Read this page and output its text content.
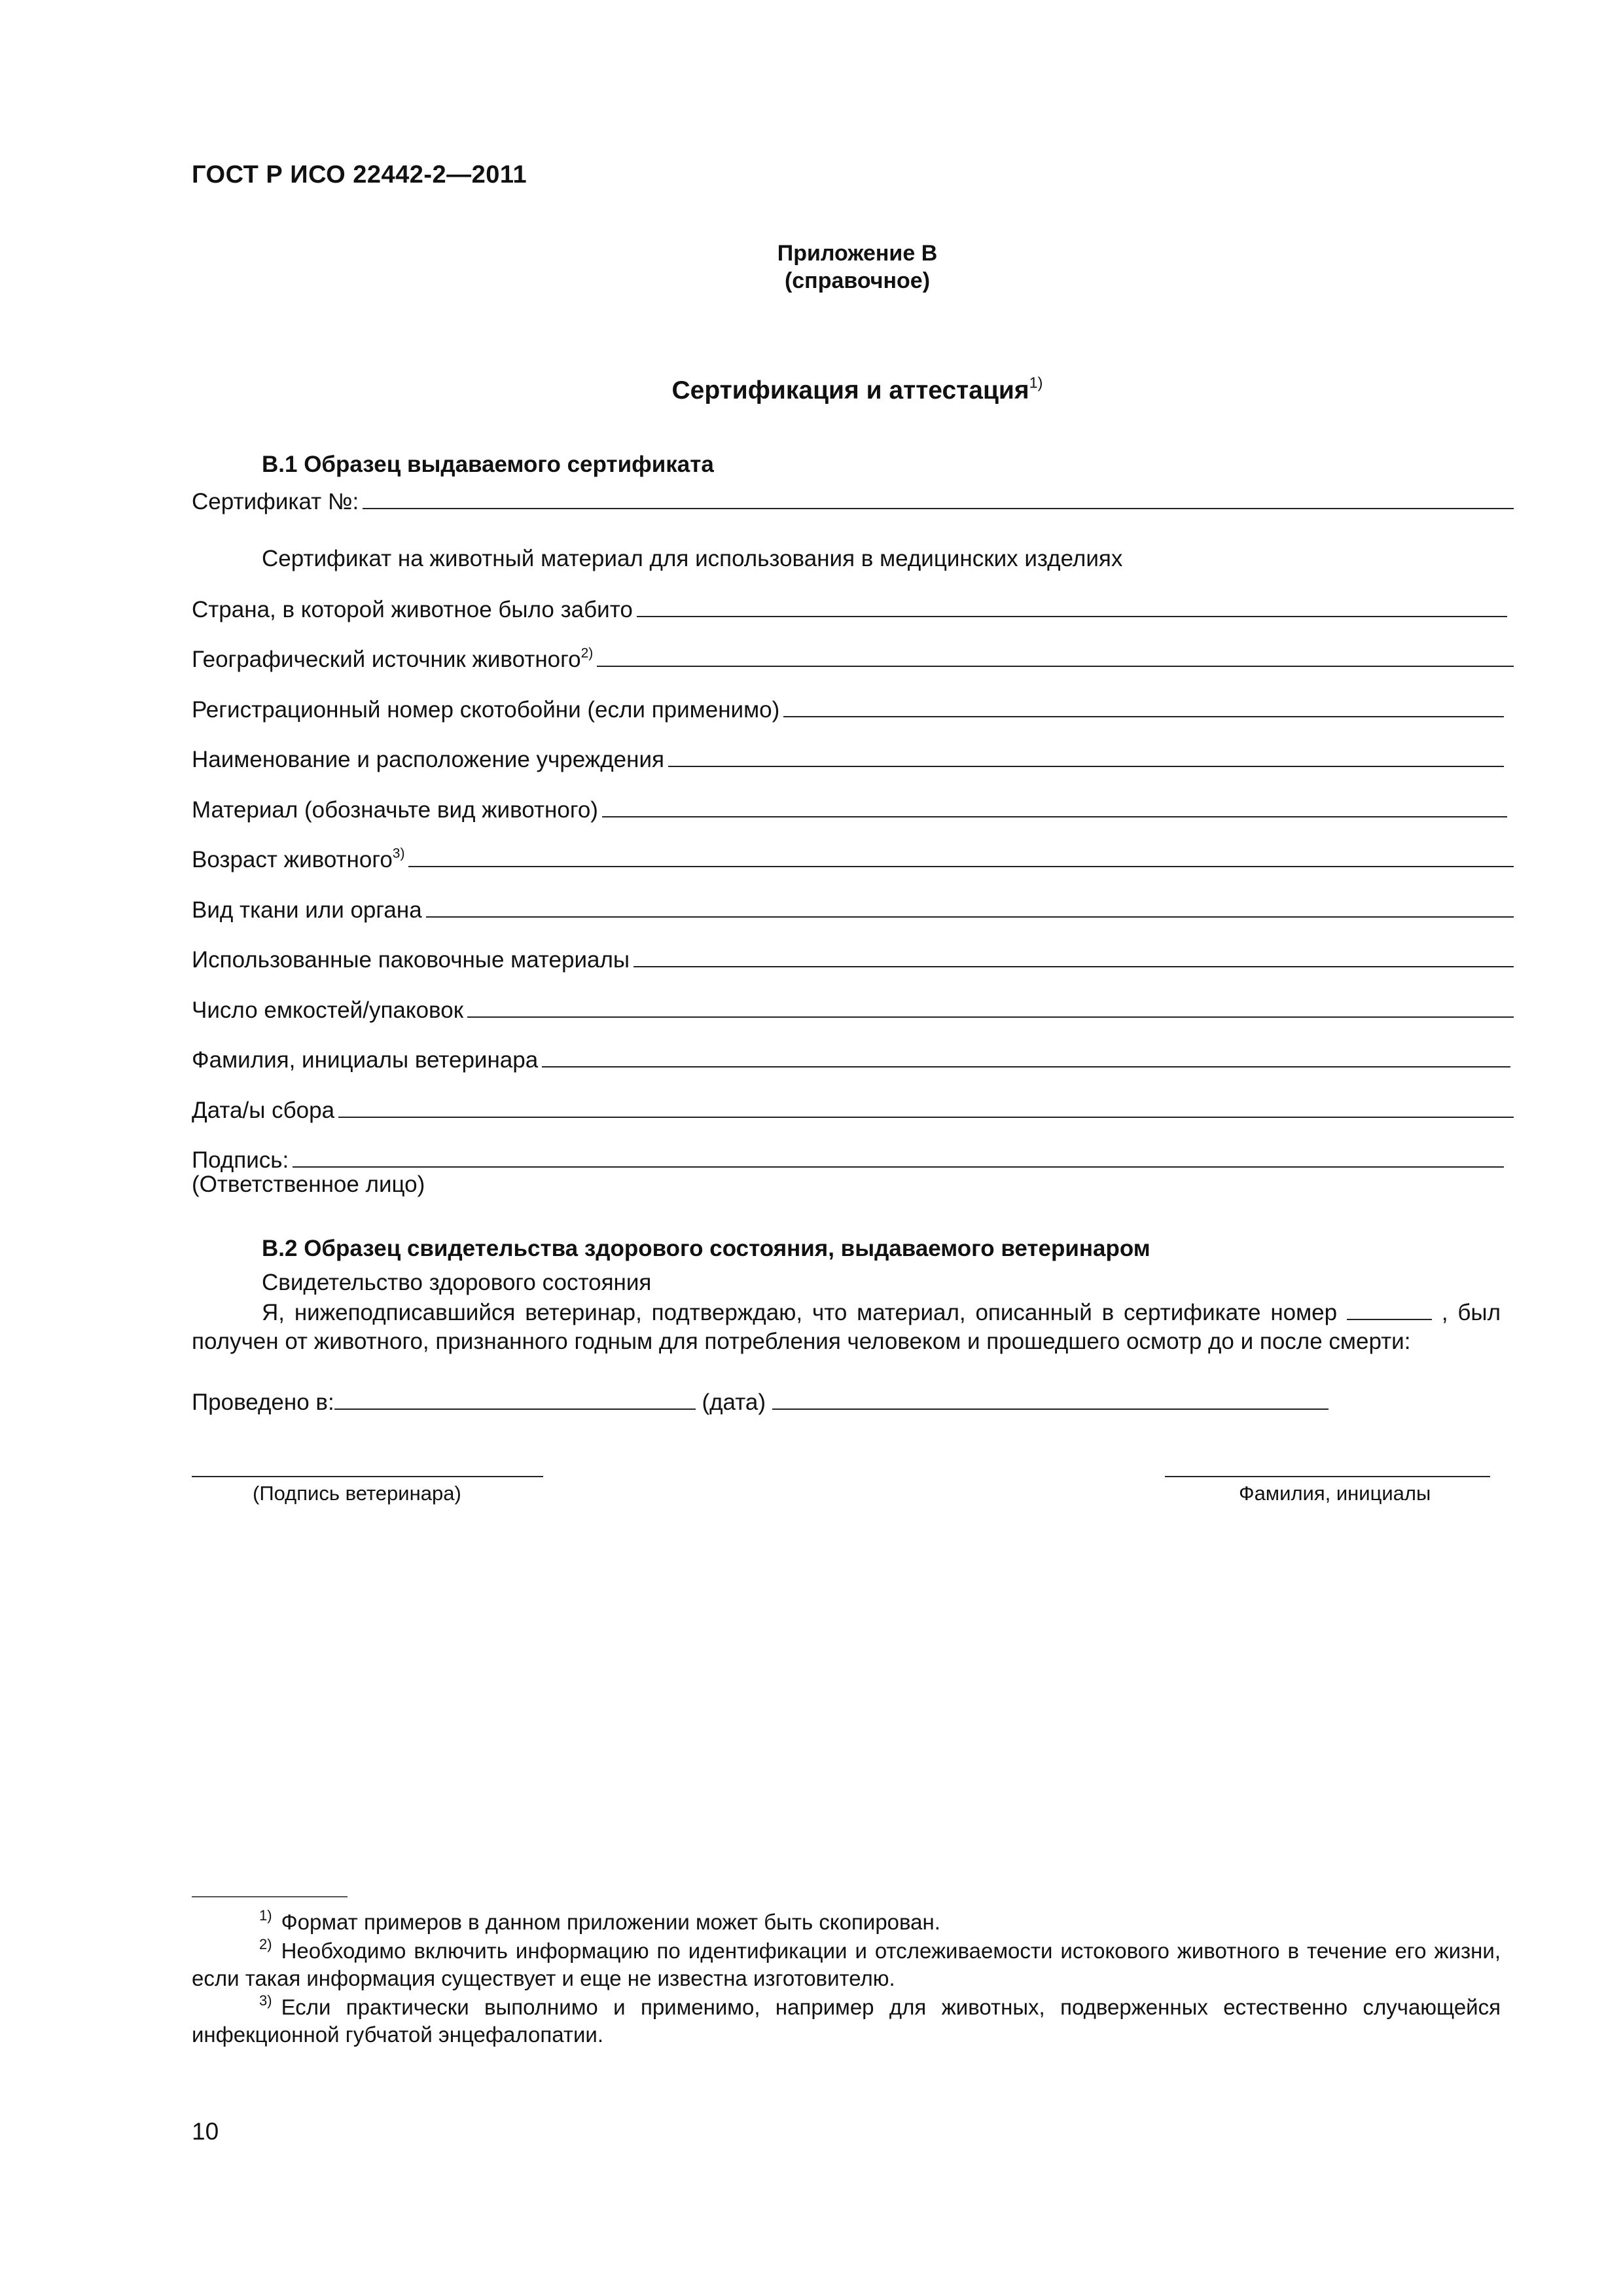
ГОСТ Р ИСО 22442-2—2011
Приложение В
(справочное)
Сертификация и аттестация$^{1)}$
В.1 Образец выдаваемого сертификата
Сертификат №:
Сертификат на животный материал для использования в медицинских изделиях
Страна, в которой животное было забито
Географический источник животного$^{2)}$
Регистрационный номер скотобойни (если применимо)
Наименование и расположение учреждения
Материал (обозначьте вид животного)
Возраст животного$^{3)}$
Вид ткани или органа
Использованные паковочные материалы
Число емкостей/упаковок
Фамилия, инициалы ветеринара
Дата/ы сбора
Подпись:
(Ответственное лицо)
В.2 Образец свидетельства здорового состояния, выдаваемого ветеринаром
Свидетельство здорового состояния
Я, нижеподписавшийся ветеринар, подтверждаю, что материал, описанный в сертификате номер	, был получен от животного, признанного годным для потребления человеком и прошедшего осмотр до и после смерти:
Проведено в:	(дата)
(Подпись ветеринара)	Фамилия, инициалы
$^{1)}$ Формат примеров в данном приложении может быть скопирован.
$^{2)}$ Необходимо включить информацию по идентификации и отслеживаемости истокового животного в течение его жизни, если такая информация существует и еще не известна изготовителю.
$^{3)}$ Если практически выполнимо и применимо, например для животных, подверженных естественно случающейся инфекционной губчатой энцефалопатии.
10
